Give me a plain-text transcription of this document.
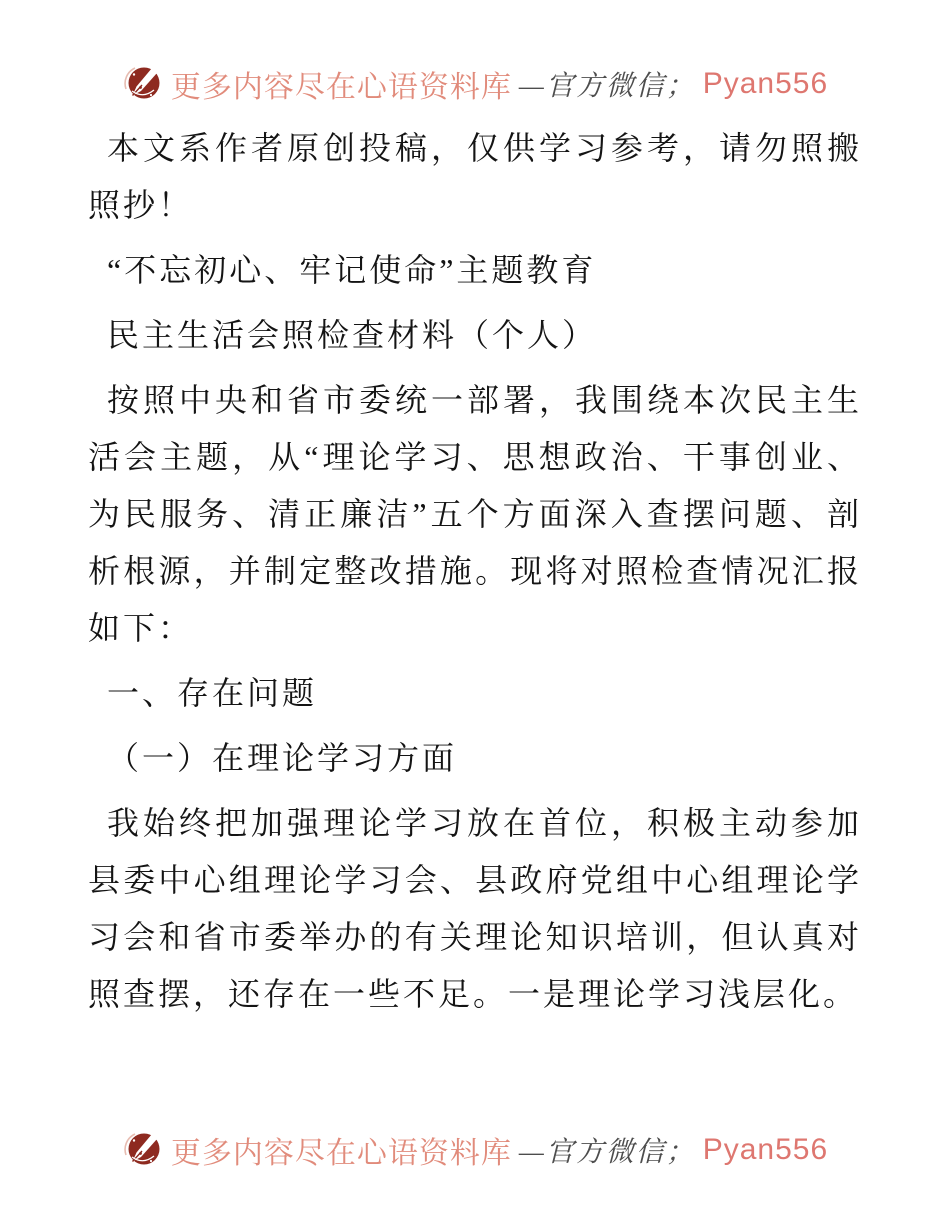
更多内容尽在心语资料库 —官方微信； Pyan556

本文系作者原创投稿，仅供学习参考，请勿照搬照抄！

“不忘初心、牢记使命”主题教育

民主生活会照检查材料（个人）

按照中央和省市委统一部署，我围绕本次民主生活会主题，从“理论学习、思想政治、干事创业、为民服务、清正廉洁”五个方面深入查摆问题、剖析根源，并制定整改措施。现将对照检查情况汇报如下：

一、存在问题

（一）在理论学习方面

我始终把加强理论学习放在首位，积极主动参加县委中心组理论学习会、县政府党组中心组理论学习会和省市委举办的有关理论知识培训，但认真对照查摆，还存在一些不足。一是理论学习浅层化。

更多内容尽在心语资料库 —官方微信； Pyan556
